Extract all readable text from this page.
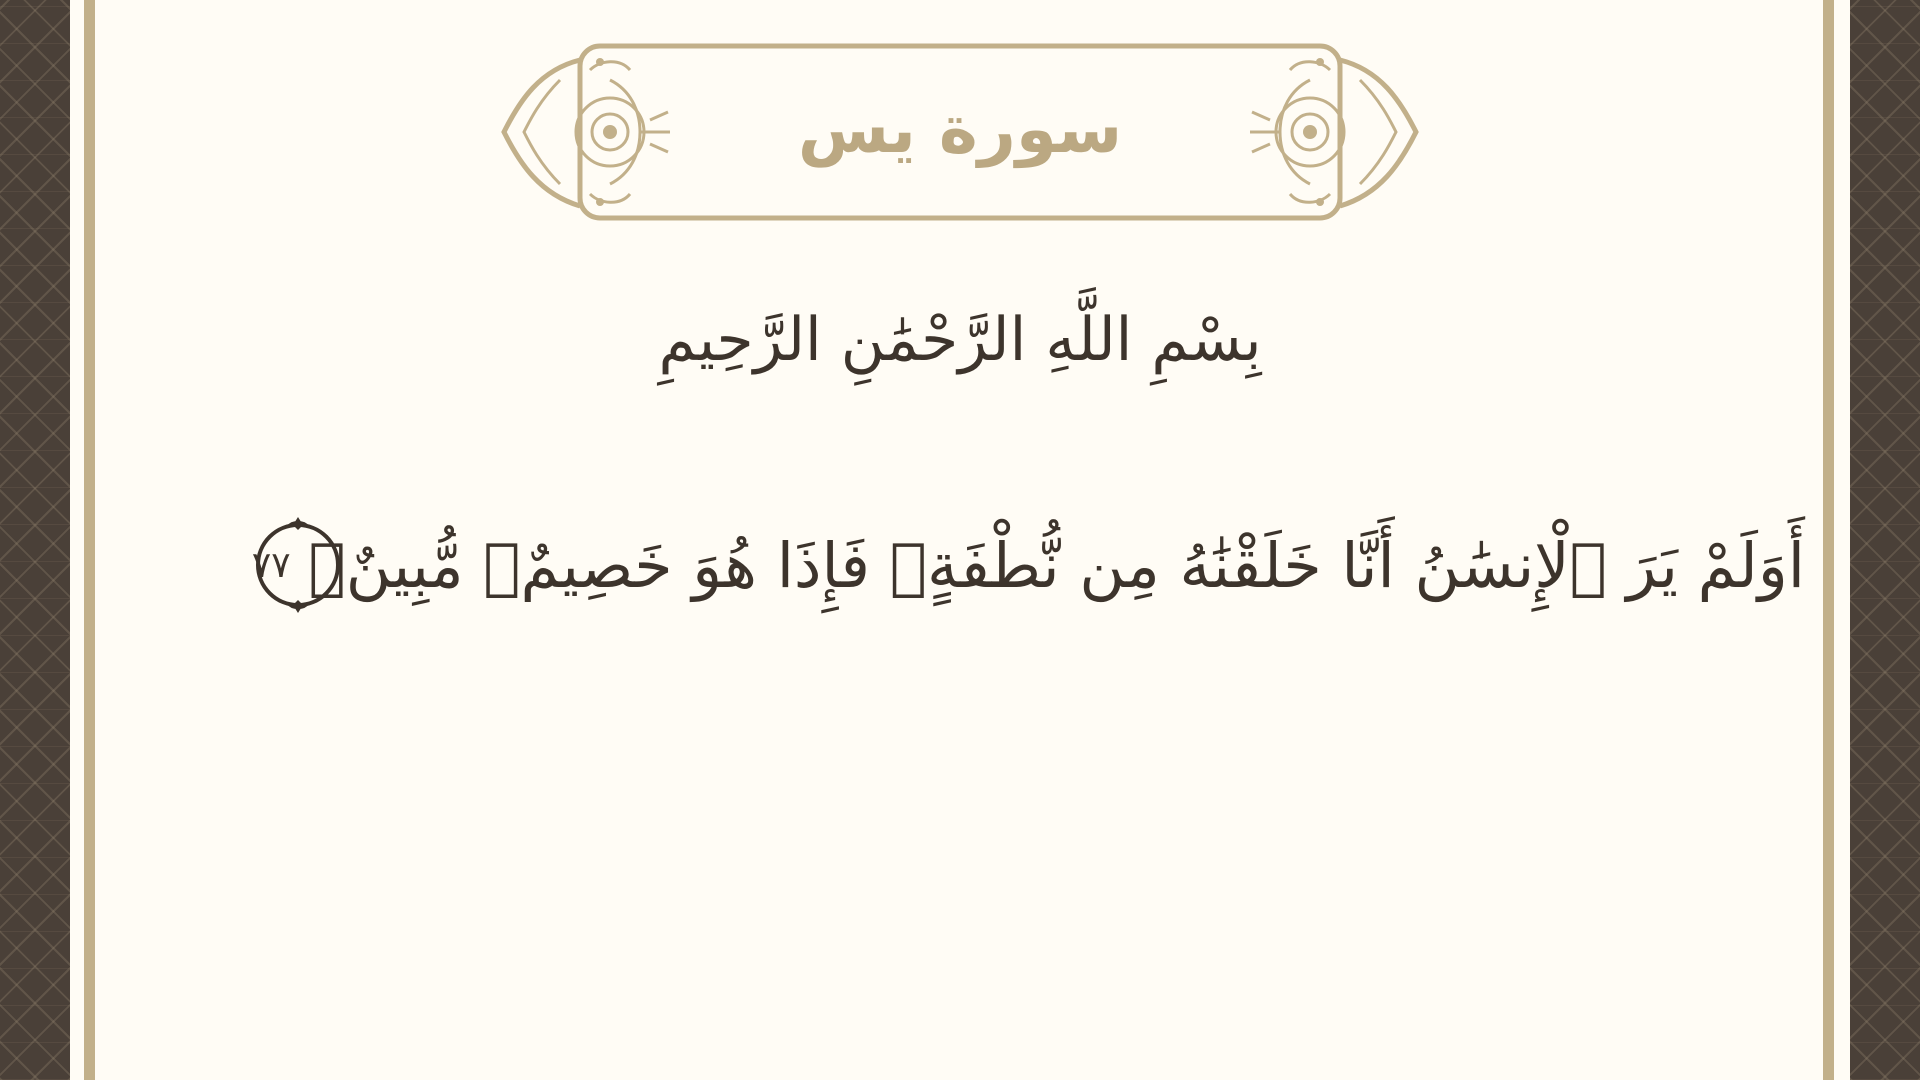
سورة يس
بِسْمِ اللَّهِ الرَّحْمَٰنِ الرَّحِيمِ
أَوَلَمْ يَرَ ٱلْإِنسَٰنُ أَنَّا خَلَقْنَٰهُ مِن نُّطْفَةٍۢ فَإِذَا هُوَ خَصِيمٌۭ مُّبِينٌۭ
٧٧
